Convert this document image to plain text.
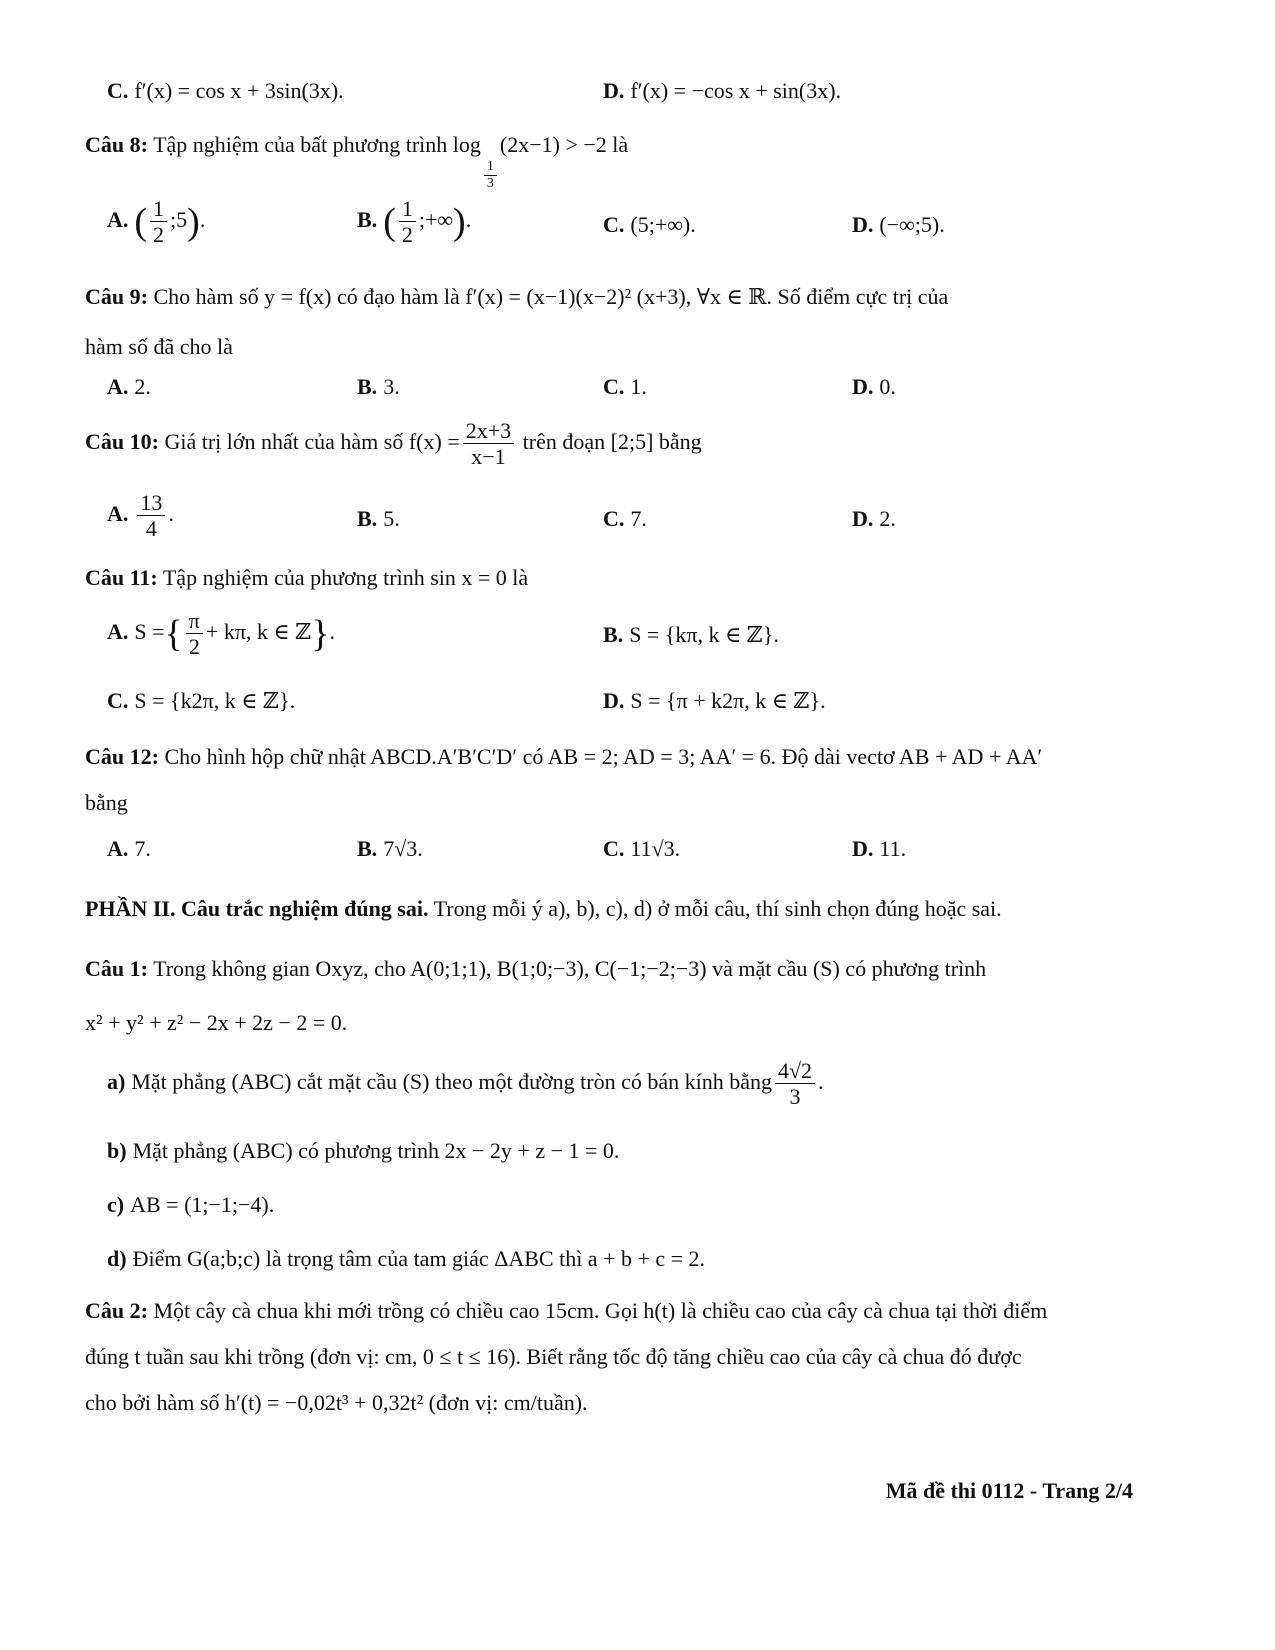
C. f′(x) = cos x + 3sin(3x).	D. f′(x) = −cos x + sin(3x).
Câu 8: Tập nghiệm của bất phương trình log
$\frac{1}{3}$
(2x−1) > −2 là
A. ( $\frac{1}{2}$ ;5).	B. ( $\frac{1}{2}$ ;+∞).	C. (5;+∞).	D. (−∞;5).
Câu 9: Cho hàm số y = f(x) có đạo hàm là f′(x) = (x−1)(x−2)² (x+3), ∀x ∈ ℝ. Số điểm cực trị của
hàm số đã cho là
A. 2.	B. 3.	C. 1.	D. 0.
Câu 10: Giá trị lớn nhất của hàm số $f(x) = \frac{2x+3}{x-1}$ trên đoạn [2;5] bằng
A. $\frac{13}{4}$ .	B. 5.	C. 7.	D. 2.
Câu 11: Tập nghiệm của phương trình sin x = 0 là
A. S ={ $\frac{\pi}{2} + k\pi$, k ∈ ℤ}.	B. S = {kπ, k ∈ ℤ}.
C. S = {k2π, k ∈ ℤ}.	D. S = {π + k2π, k ∈ ℤ}.
Câu 12: Cho hình hộp chữ nhật ABCD.A′B′C′D′ có AB = 2; AD = 3; AA′ = 6. Độ dài vectơ AB + AD + AA′
bằng
A. 7.	B. 7√3.	C. 11√3.	D. 11.
PHẦN II. Câu trắc nghiệm đúng sai. Trong mỗi ý a), b), c), d) ở mỗi câu, thí sinh chọn đúng hoặc sai.
Câu 1: Trong không gian Oxyz, cho A(0;1;1), B(1;0;−3), C(−1;−2;−3) và mặt cầu (S) có phương trình
x² + y² + z² − 2x + 2z − 2 = 0.
a) Mặt phẳng (ABC) cắt mặt cầu (S) theo một đường tròn có bán kính bằng $\frac{4√2}{3}$ .
b) Mặt phẳng (ABC) có phương trình 2x − 2y + z − 1 = 0.
c) AB = (1;−1;−4).
d) Điểm G(a;b;c) là trọng tâm của tam giác ΔABC thì a + b + c = 2.
Câu 2: Một cây cà chua khi mới trồng có chiều cao 15cm. Gọi h(t) là chiều cao của cây cà chua tại thời điểm
đúng t tuần sau khi trồng (đơn vị: cm, 0 ≤ t ≤ 16). Biết rằng tốc độ tăng chiều cao của cây cà chua đó được
cho bởi hàm số h′(t) = −0,02t³ + 0,32t² (đơn vị: cm/tuần).
Mã đề thi 0112 - Trang 2/4
